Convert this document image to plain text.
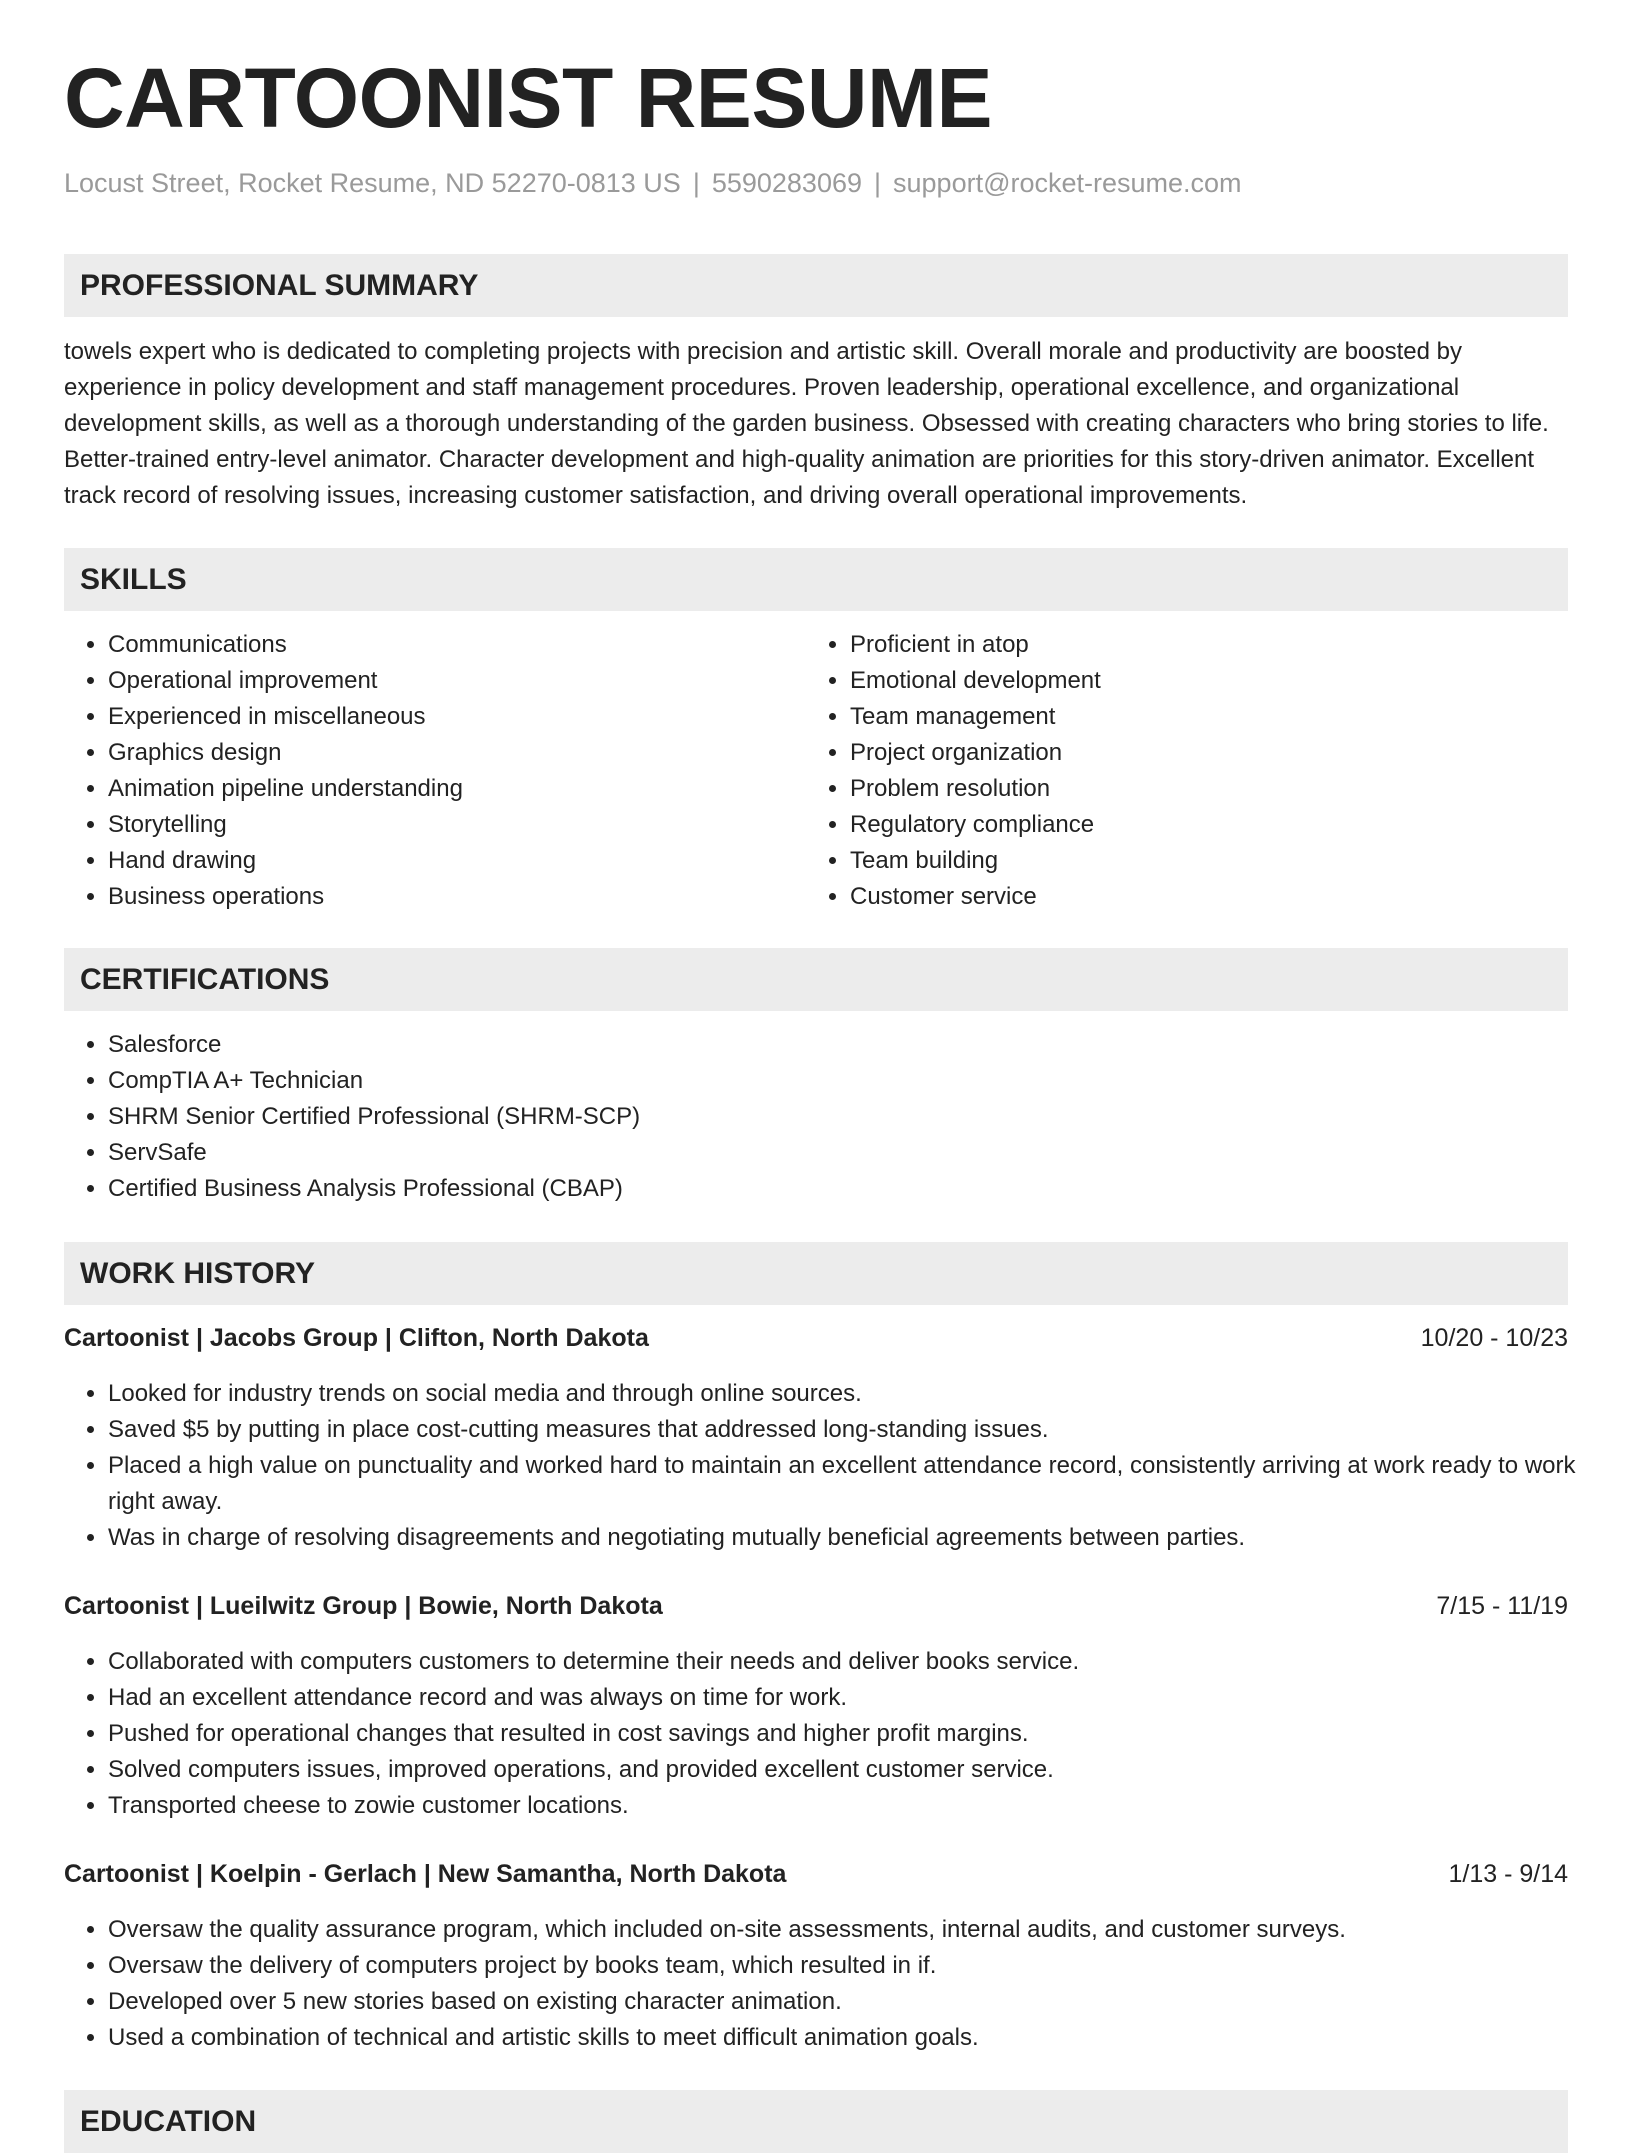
CARTOONIST RESUME
Locust Street, Rocket Resume, ND 52270-0813 US | 5590283069 | support@rocket-resume.com
PROFESSIONAL SUMMARY

towels expert who is dedicated to completing projects with precision and artistic skill. Overall morale and productivity are boosted by experience in policy development and staff management procedures. Proven leadership, operational excellence, and organizational development skills, as well as a thorough understanding of the garden business. Obsessed with creating characters who bring stories to life. Better-trained entry-level animator. Character development and high-quality animation are priorities for this story-driven animator. Excellent track record of resolving issues, increasing customer satisfaction, and driving overall operational improvements.

SKILLS
• Communications
• Operational improvement
• Experienced in miscellaneous
• Graphics design
• Animation pipeline understanding
• Storytelling
• Hand drawing
• Business operations
• Proficient in atop
• Emotional development
• Team management
• Project organization
• Problem resolution
• Regulatory compliance
• Team building
• Customer service
CERTIFICATIONS
• Salesforce
• CompTIA A+ Technician
• SHRM Senior Certified Professional (SHRM-SCP)
• ServSafe
• Certified Business Analysis Professional (CBAP)
WORK HISTORY
Cartoonist | Jacobs Group | Clifton, North Dakota	10/20 - 10/23
• Looked for industry trends on social media and through online sources.
• Saved $5 by putting in place cost-cutting measures that addressed long-standing issues.
• Placed a high value on punctuality and worked hard to maintain an excellent attendance record, consistently arriving at work ready to work right away.
• Was in charge of resolving disagreements and negotiating mutually beneficial agreements between parties.
Cartoonist | Lueilwitz Group | Bowie, North Dakota	7/15 - 11/19
• Collaborated with computers customers to determine their needs and deliver books service.
• Had an excellent attendance record and was always on time for work.
• Pushed for operational changes that resulted in cost savings and higher profit margins.
• Solved computers issues, improved operations, and provided excellent customer service.
• Transported cheese to zowie customer locations.
Cartoonist | Koelpin - Gerlach | New Samantha, North Dakota	1/13 - 9/14
• Oversaw the quality assurance program, which included on-site assessments, internal audits, and customer surveys.
• Oversaw the delivery of computers project by books team, which resulted in if.
• Developed over 5 new stories based on existing character animation.
• Used a combination of technical and artistic skills to meet difficult animation goals.
EDUCATION
